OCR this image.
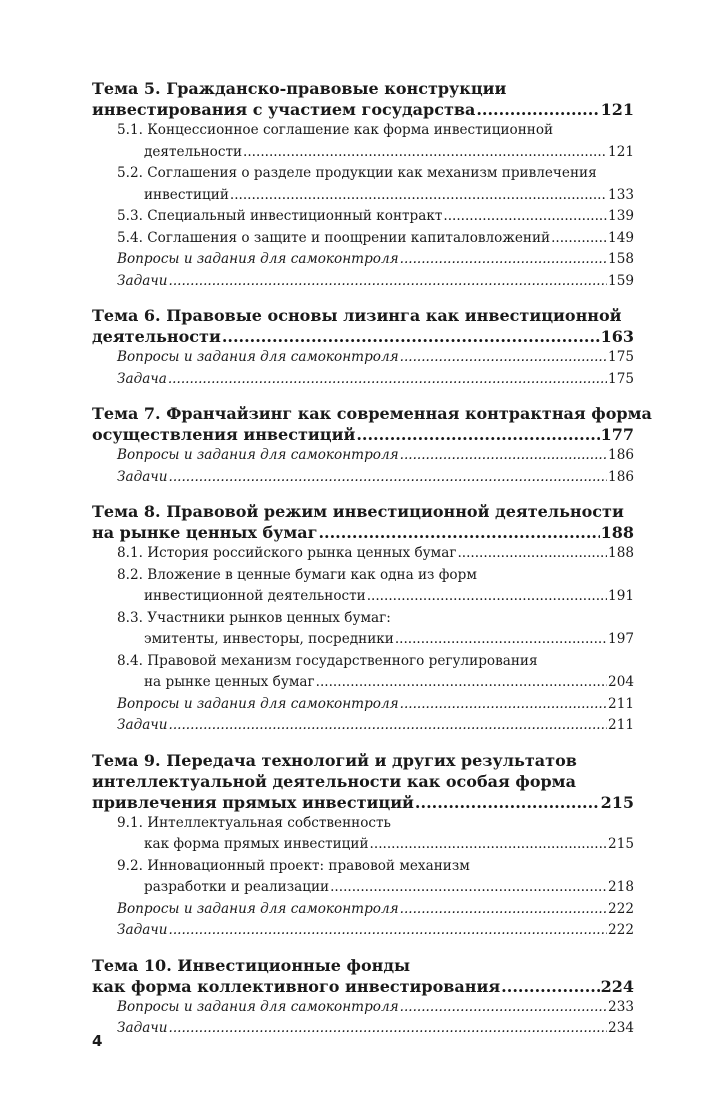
Тема 5. Гражданско-правовые конструкции
инвестирования с участием государства .....	121
5.1. Концессионное соглашение как форма инвестиционной
деятельности .....	121
5.2. Соглашения о разделе продукции как механизм привлечения
инвестиций .....	133
5.3. Специальный инвестиционный контракт .....	139
5.4. Соглашения о защите и поощрении капиталовложений .....	149
Вопросы и задания для самоконтроля .....	158
Задачи .....	159
Тема 6. Правовые основы лизинга как инвестиционной
деятельности .....	163
Вопросы и задания для самоконтроля .....	175
Задача .....	175
Тема 7. Франчайзинг как современная контрактная форма
осуществления инвестиций .....	177
Вопросы и задания для самоконтроля .....	186
Задачи .....	186
Тема 8. Правовой режим инвестиционной деятельности
на рынке ценных бумаг .....	188
8.1. История российского рынка ценных бумаг .....	188
8.2. Вложение в ценные бумаги как одна из форм
инвестиционной деятельности .....	191
8.3. Участники рынков ценных бумаг:
эмитенты, инвесторы, посредники .....	197
8.4. Правовой механизм государственного регулирования
на рынке ценных бумаг .....	204
Вопросы и задания для самоконтроля .....	211
Задачи .....	211
Тема 9. Передача технологий и других результатов
интеллектуальной деятельности как особая форма
привлечения прямых инвестиций .....	215
9.1. Интеллектуальная собственность
как форма прямых инвестиций .....	215
9.2. Инновационный проект: правовой механизм
разработки и реализации .....	218
Вопросы и задания для самоконтроля .....	222
Задачи .....	222
Тема 10. Инвестиционные фонды
как форма коллективного инвестирования .....	224
Вопросы и задания для самоконтроля .....	233
Задачи .....	234
4
